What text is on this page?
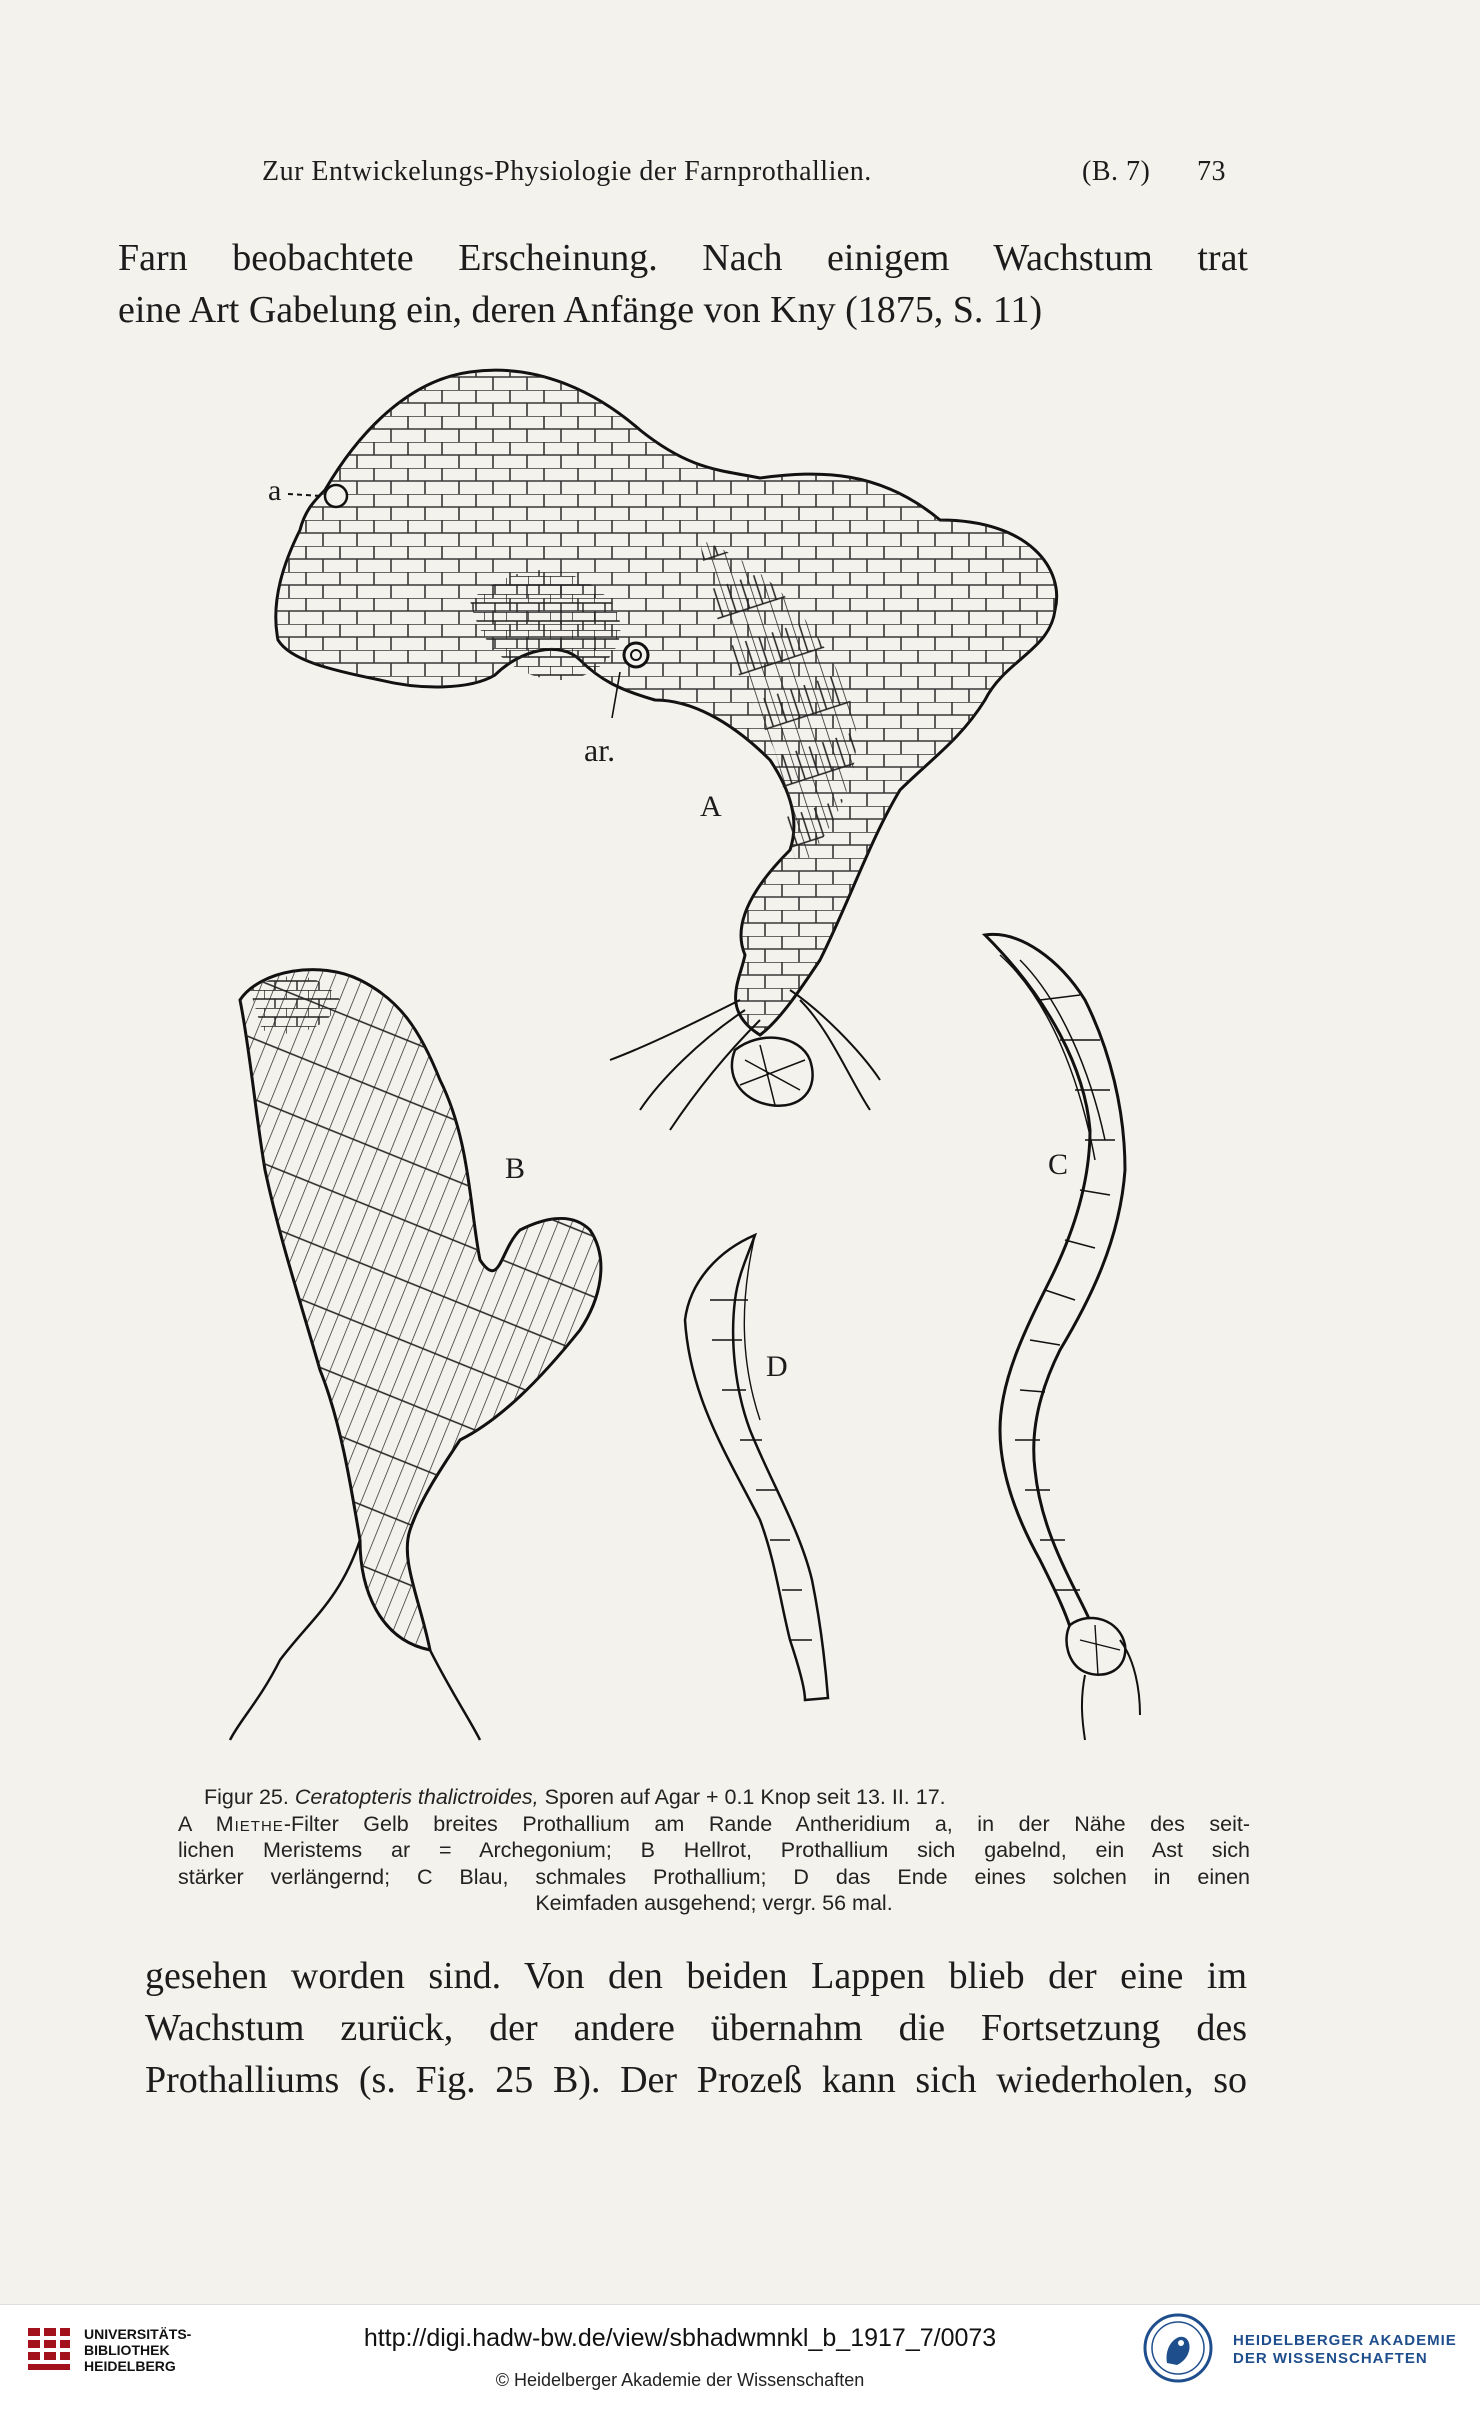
Zur Entwickelungs-Physiologie der Farnprothallien.	(B. 7) 73
Farn beobachtete Erscheinung. Nach einigem Wachstum trat
eine Art Gabelung ein, deren Anfänge von Kny (1875, S. 11)
a
ar.
A
B	C
D
Figur 25. Ceratopteris thalictroides, Sporen auf Agar + 0.1 Knop seit 13. II. 17.
A Miethe-Filter Gelb breites Prothallium am Rande Antheridium a, in der Nähe des seit-
lichen Meristems ar = Archegonium; B Hellrot, Prothallium sich gabelnd, ein Ast sich
stärker verlängernd; C Blau, schmales Prothallium; D das Ende eines solchen in einen
Keimfaden ausgehend; vergr. 56 mal.
gesehen worden sind. Von den beiden Lappen blieb der eine im
Wachstum zurück, der andere übernahm die Fortsetzung des
Prothalliums (s. Fig. 25 B). Der Prozeß kann sich wiederholen, so
UNIVERSITÄTS-
BIBLIOTHEK
HEIDELBERG
http://digi.hadw-bw.de/view/sbhadwmnkl_b_1917_7/0073
© Heidelberger Akademie der Wissenschaften
HEIDELBERGER AKADEMIE
DER WISSENSCHAFTEN
